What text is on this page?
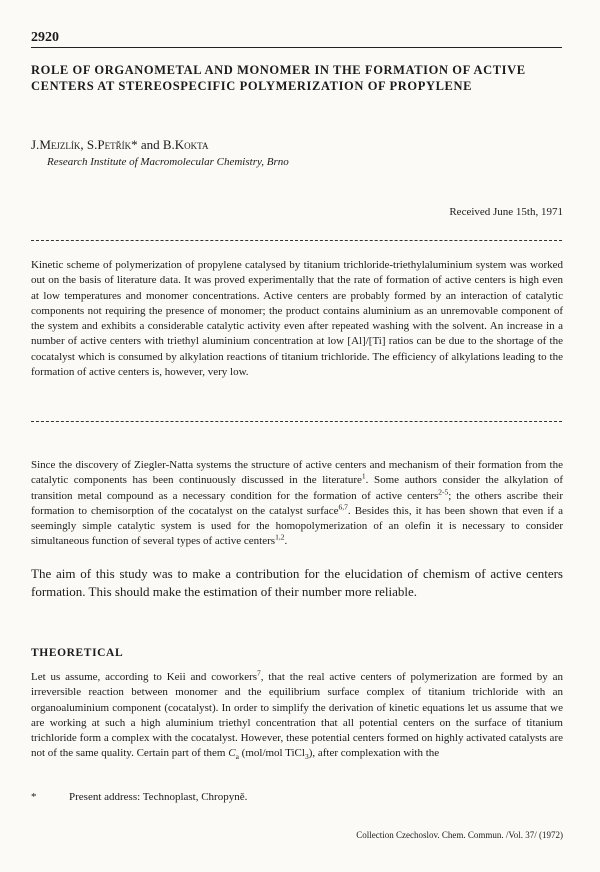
2920
ROLE OF ORGANOMETAL AND MONOMER IN THE FORMATION OF ACTIVE CENTERS AT STEREOSPECIFIC POLYMERIZATION OF PROPYLENE
J.Mejzlík, S.Petřík* and B.Kokta
Research Institute of Macromolecular Chemistry, Brno
Received June 15th, 1971
Kinetic scheme of polymerization of propylene catalysed by titanium trichloride-triethylaluminium system was worked out on the basis of literature data. It was proved experimentally that the rate of formation of active centers is high even at low temperatures and monomer concentrations. Active centers are probably formed by an interaction of catalytic components not requiring the presence of monomer; the product contains aluminium as an unremovable component of the system and exhibits a considerable catalytic activity even after repeated washing with the solvent. An increase in a number of active centers with triethyl aluminium concentration at low [Al]/[Ti] ratios can be due to the shortage of the cocatalyst which is consumed by alkylation reactions of titanium trichloride. The efficiency of alkylations leading to the formation of active centers is, however, very low.
Since the discovery of Ziegler-Natta systems the structure of active centers and mechanism of their formation from the catalytic components has been continuously discussed in the literature$^1$. Some authors consider the alkylation of transition metal compound as a necessary condition for the formation of active centers$^{2-5}$; the others ascribe their formation to chemisorption of the cocatalyst on the catalyst surface$^{6,7}$. Besides this, it has been shown that even if a seemingly simple catalytic system is used for the homopolymerization of an olefin it is necessary to consider simultaneous function of several types of active centers$^{1,2}$.
The aim of this study was to make a contribution for the elucidation of chemism of active centers formation. This should make the estimation of their number more reliable.
THEORETICAL
Let us assume, according to Keii and coworkers$^7$, that the real active centers of polymerization are formed by an irreversible reaction between monomer and the equilibrium surface complex of titanium trichloride with an organoaluminium component (cocatalyst). In order to simplify the derivation of kinetic equations let us assume that we are working at such a high aluminium triethyl concentration that all potential centers on the surface of titanium trichloride form a complex with the cocatalyst. However, these potential centers formed on highly activated catalysts are not of the same quality. Certain part of them $C_a$ (mol/mol TiCl$_3$), after complexation with the
*	Present address: Technoplast, Chropyně.
Collection Czechoslov. Chem. Commun. /Vol. 37/ (1972)
